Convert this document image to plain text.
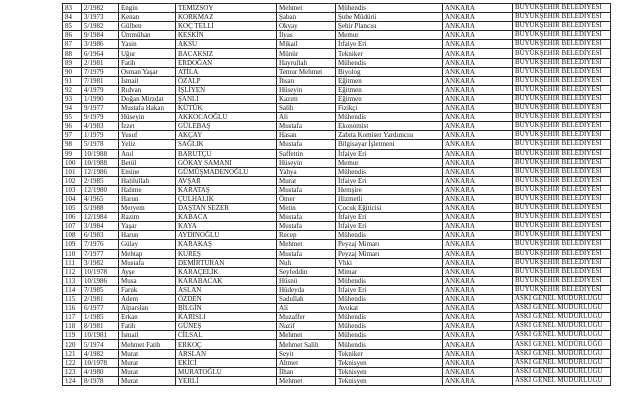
83	2/1982	Engin	TEMİZSOY	Mehmet	Mühendis	ANKARA	BÜYÜKŞEHİR BELEDİYESİ
84	3/1973	Kenan	KORKMAZ	Şaban	Şube Müdürü	ANKARA	BÜYÜKŞEHİR BELEDİYESİ
85	5/1982	Gülben	KOÇ TELLİ	Okyay	Şehir Plancısı	ANKARA	BÜYÜKŞEHİR BELEDİYESİ
86	9/1984	Ümmühan	KESKİN	İlyas	Memur	ANKARA	BÜYÜKŞEHİR BELEDİYESİ
87	3/1986	Yasin	AKSU	Mikail	İtfaiye Eri	ANKARA	BÜYÜKŞEHİR BELEDİYESİ
88	6/1964	Uğur	BACAKSIZ	Münür	Tekniker	ANKARA	BÜYÜKŞEHİR BELEDİYESİ
89	2/1981	Fatih	ERDOĞAN	Hayrullah	Mühendis	ANKARA	BÜYÜKŞEHİR BELEDİYESİ
90	7/1979	Osman Yaşar	ATİLA	Temur Mehmet	Biyolog	ANKARA	BÜYÜKŞEHİR BELEDİYESİ
91	7/1981	İsmail	ÖZALP	İhsan	Eğitmen	ANKARA	BÜYÜKŞEHİR BELEDİYESİ
92	4/1979	Rıdvan	İŞLİYEN	Hüseyin	Eğitmen	ANKARA	BÜYÜKŞEHİR BELEDİYESİ
93	1/1990	Doğan Mirzdat	ŞANLI	Kazım	Eğitmen	ANKARA	BÜYÜKŞEHİR BELEDİYESİ
94	9/1977	Mustafa Hakan	KÜTÜK	Salih	Fizikçi	ANKARA	BÜYÜKŞEHİR BELEDİYESİ
95	9/1979	Hüseyin	AKKOCAOĞLU	Ali	Mühendis	ANKARA	BÜYÜKŞEHİR BELEDİYESİ
96	4/1983	İzzet	GÜLEBAŞ	Mustafa	Ekonomist	ANKARA	BÜYÜKŞEHİR BELEDİYESİ
97	1/1979	Yusuf	AKÇAY	Hasan	Zabıta Komiser Yardımcısı	ANKARA	BÜYÜKŞEHİR BELEDİYESİ
98	5/1978	Yeliz	SAĞLIK	Mustafa	Bilgisayar İşletmeni	ANKARA	BÜYÜKŞEHİR BELEDİYESİ
99	10/1988	Anıl	BARUTÇU	Saffettin	İtfaiye Eri	ANKARA	BÜYÜKŞEHİR BELEDİYESİ
100	10/1988	Betül	GÖKAY SAMANI	Hüseyin	Memur	ANKARA	BÜYÜKŞEHİR BELEDİYESİ
101	12/1986	Emine	GÜMÜŞMADENOĞLU	Yahya	Mühendis	ANKARA	BÜYÜKŞEHİR BELEDİYESİ
102	2/1985	Halilullah	AVŞAR	Murat	İtfaiye Eri	ANKARA	BÜYÜKŞEHİR BELEDİYESİ
103	12/1980	Halime	KARATAŞ	Mustafa	Hemşire	ANKARA	BÜYÜKŞEHİR BELEDİYESİ
104	4/1965	Harun	ÇULHALIK	Ömer	Hizmetli	ANKARA	BÜYÜKŞEHİR BELEDİYESİ
105	5/1988	Meryem	DAŞTAN SEZER	Metin	Çocuk Eğiticisi	ANKARA	BÜYÜKŞEHİR BELEDİYESİ
106	12/1984	Razim	KABACA	Mustafa	İtfaiye Eri	ANKARA	BÜYÜKŞEHİR BELEDİYESİ
107	3/1984	Yaşar	KAYA	Mustafa	İtfaiye Eri	ANKARA	BÜYÜKŞEHİR BELEDİYESİ
108	6/1983	Harun	AYDINOĞLU	Recep	Mühendis	ANKARA	BÜYÜKŞEHİR BELEDİYESİ
109	7/1976	Gülay	KARAKAŞ	Mehmet	Peyzaj Mimarı	ANKARA	BÜYÜKŞEHİR BELEDİYESİ
110	7/1977	Mehtap	KUREŞ	Mustafa	Peyzaj Mimarı	ANKARA	BÜYÜKŞEHİR BELEDİYESİ
111	3/1982	Mustafa	DEMİRTURAN	Nuh	Vhki	ANKARA	BÜYÜKŞEHİR BELEDİYESİ
112	10/1978	Ayşe	KARAÇELİK	Seyfeddin	Mimar	ANKARA	BÜYÜKŞEHİR BELEDİYESİ
113	10/1986	Musa	KARABACAK	Hüsnü	Mühendis	ANKARA	BÜYÜKŞEHİR BELEDİYESİ
114	7/1985	Faruk	ASLAN	Hüdeyda	İtfaiye Eri	ANKARA	BÜYÜKŞEHİR BELEDİYESİ
115	2/1981	Adem	ÖZDEN	Sadullah	Mühendis	ANKARA	ASKİ GENEL MÜDÜRLÜĞÜ
116	6/1977	Alparslan	BİLGİN	Ali	Avukat	ANKARA	ASKİ GENEL MÜDÜRLÜĞÜ
117	1/1985	Erkan	KARISLI	Muzaffer	Mühendis	ANKARA	ASKİ GENEL MÜDÜRLÜĞÜ
118	8/1981	Fatih	GÜNEŞ	Nazif	Mühendis	ANKARA	ASKİ GENEL MÜDÜRLÜĞÜ
119	10/1981	İsmail	CİLSAL	Mehmet	Mühendis	ANKARA	ASKİ GENEL MÜDÜRLÜĞÜ
120	5/1974	Mehmet Fatih	ERKOÇ	Mehmet Salih	Mühendis	ANKARA	ASKİ GENEL MÜDÜRLÜĞÜ
121	4/1982	Murat	ARSLAN	Seyit	Tekniker	ANKARA	ASKİ GENEL MÜDÜRLÜĞÜ
122	10/1978	Murat	EKİCİ	Ahmet	Teknisyen	ANKARA	ASKİ GENEL MÜDÜRLÜĞÜ
123	4/1980	Murat	MURATOĞLU	İlhan	Teknisyen	ANKARA	ASKİ GENEL MÜDÜRLÜĞÜ
124	8/1978	Murat	YERLİ	Mehmet	Teknisyen	ANKARA	ASKİ GENEL MÜDÜRLÜĞÜ
